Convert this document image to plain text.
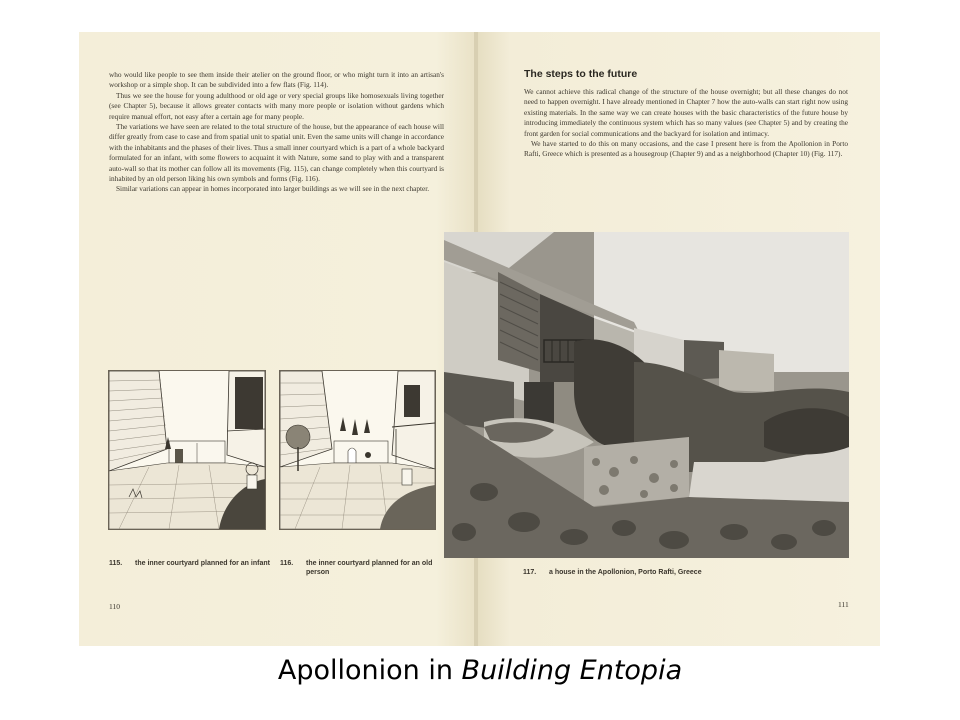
who would like people to see them inside their atelier on the ground floor, or who might turn it into an artisan's workshop or a simple shop. It can be subdivided into a few flats (Fig. 114).

Thus we see the house for young adulthood or old age or very special groups like homosexuals living together (see Chapter 5), because it allows greater contacts with many more people or isolation without gardens which require manual effort, not easy after a certain age for many people.

The variations we have seen are related to the total structure of the house, but the appearance of each house will differ greatly from case to case and from spatial unit to spatial unit. Even the same units will change in accordance with the inhabitants and the phases of their lives. Thus a small inner courtyard which is a part of a whole backyard formulated for an infant, with some flowers to acquaint it with Nature, some sand to play with and a transparent auto-wall so that its mother can follow all its movements (Fig. 115), can change completely when this courtyard is inhabited by an old person liking his own symbols and forms (Fig. 116).

Similar variations can appear in homes incorporated into larger buildings as we will see in the next chapter.

115. the inner courtyard planned for an infant 116. the inner courtyard planned for an old person
110
The steps to the future

We cannot achieve this radical change of the structure of the house overnight; but all these changes do not need to happen overnight. I have already mentioned in Chapter 7 how the auto-walls can start right now using existing materials. In the same way we can create houses with the basic characteristics of the future house by introducing immediately the continuous system which has so many values (see Chapter 5) and by creating the front garden for social communications and the backyard for isolation and intimacy.

We have started to do this on many occasions, and the case I present here is from the Apollonion in Porto Rafti, Greece which is presented as a housegroup (Chapter 9) and as a neighborhood (Chapter 10) (Fig. 117).

117. a house in the Apollonion, Porto Rafti, Greece
111
Apollonion in Building Entopia
